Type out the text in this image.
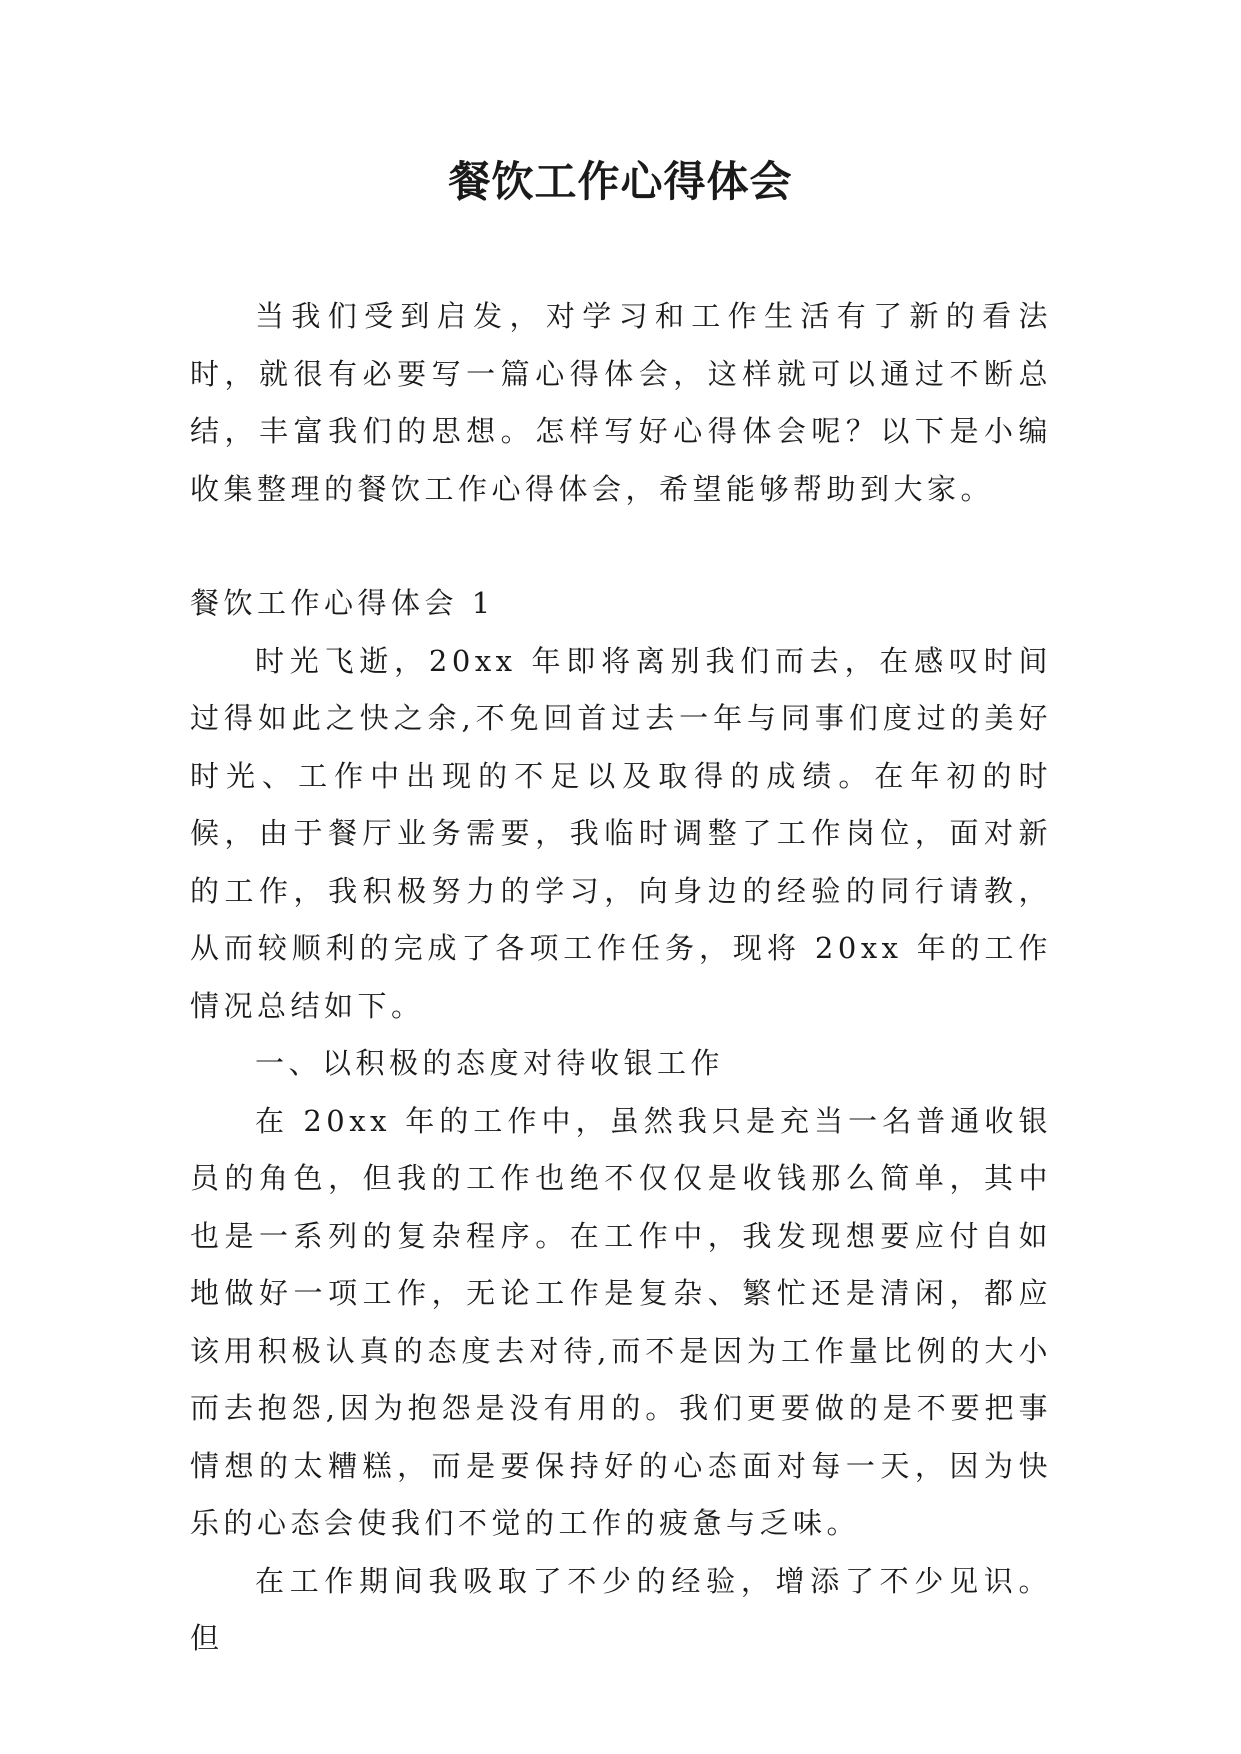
餐饮工作心得体会

当我们受到启发，对学习和工作生活有了新的看法时，就很有必要写一篇心得体会，这样就可以通过不断总结，丰富我们的思想。怎样写好心得体会呢？以下是小编收集整理的餐饮工作心得体会，希望能够帮助到大家。

餐饮工作心得体会 1

时光飞逝，20xx 年即将离别我们而去，在感叹时间过得如此之快之余,不免回首过去一年与同事们度过的美好时光、工作中出现的不足以及取得的成绩。在年初的时候，由于餐厅业务需要，我临时调整了工作岗位，面对新的工作，我积极努力的学习，向身边的经验的同行请教，从而较顺利的完成了各项工作任务，现将 20xx 年的工作情况总结如下。

一、以积极的态度对待收银工作

在 20xx 年的工作中，虽然我只是充当一名普通收银员的角色，但我的工作也绝不仅仅是收钱那么简单，其中也是一系列的复杂程序。在工作中，我发现想要应付自如地做好一项工作，无论工作是复杂、繁忙还是清闲，都应该用积极认真的态度去对待,而不是因为工作量比例的大小而去抱怨,因为抱怨是没有用的。我们更要做的是不要把事情想的太糟糕，而是要保持好的心态面对每一天，因为快乐的心态会使我们不觉的工作的疲惫与乏味。

在工作期间我吸取了不少的经验，增添了不少见识。但
